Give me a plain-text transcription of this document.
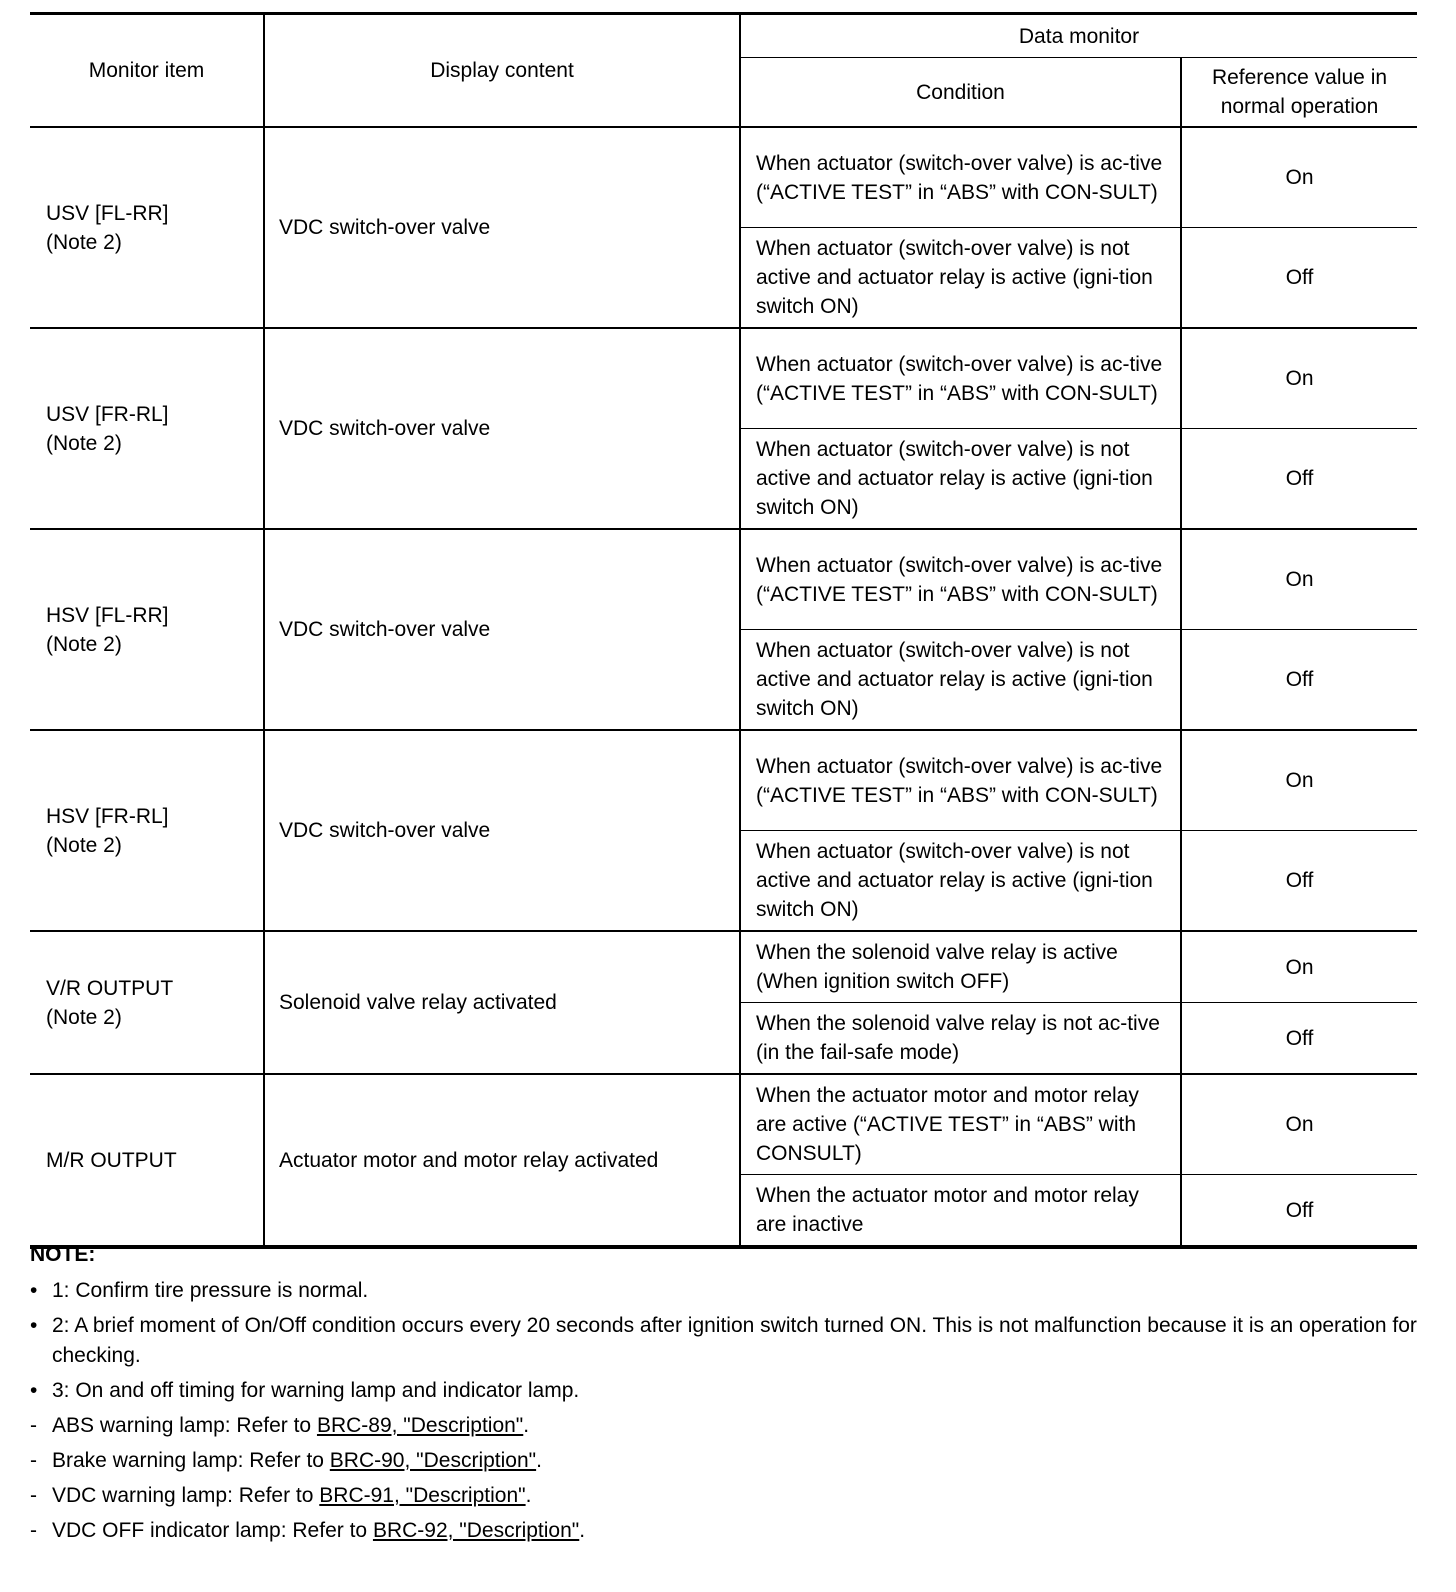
Monitor item	Display content	Data monitor	
		Condition	Reference value in normal operation

USV [FL-RR]
(Note 2)	VDC switch-over valve	When actuator (switch-over valve) is ac-tive (“ACTIVE TEST” in “ABS” with CON-SULT)	On
		When actuator (switch-over valve) is not active and actuator relay is active (igni-tion switch ON)	Off

USV [FR-RL]
(Note 2)	VDC switch-over valve	When actuator (switch-over valve) is ac-tive (“ACTIVE TEST” in “ABS” with CON-SULT)	On
		When actuator (switch-over valve) is not active and actuator relay is active (igni-tion switch ON)	Off

HSV [FL-RR]
(Note 2)	VDC switch-over valve	When actuator (switch-over valve) is ac-tive (“ACTIVE TEST” in “ABS” with CON-SULT)	On
		When actuator (switch-over valve) is not active and actuator relay is active (igni-tion switch ON)	Off

HSV [FR-RL]
(Note 2)	VDC switch-over valve	When actuator (switch-over valve) is ac-tive (“ACTIVE TEST” in “ABS” with CON-SULT)	On
		When actuator (switch-over valve) is not active and actuator relay is active (igni-tion switch ON)	Off

V/R OUTPUT
(Note 2)	Solenoid valve relay activated	When the solenoid valve relay is active (When ignition switch OFF)	On
		When the solenoid valve relay is not ac-tive (in the fail-safe mode)	Off

M/R OUTPUT	Actuator motor and motor relay activated	When the actuator motor and motor relay are active (“ACTIVE TEST” in “ABS” with CONSULT)	On
		When the actuator motor and motor relay are inactive	Off
NOTE:
• 1: Confirm tire pressure is normal.
• 2: A brief moment of On/Off condition occurs every 20 seconds after ignition switch turned ON. This is not malfunction because it is an operation for checking.
• 3: On and off timing for warning lamp and indicator lamp.
- ABS warning lamp: Refer to BRC-89, "Description".
- Brake warning lamp: Refer to BRC-90, "Description".
- VDC warning lamp: Refer to BRC-91, "Description".
- VDC OFF indicator lamp: Refer to BRC-92, "Description".
